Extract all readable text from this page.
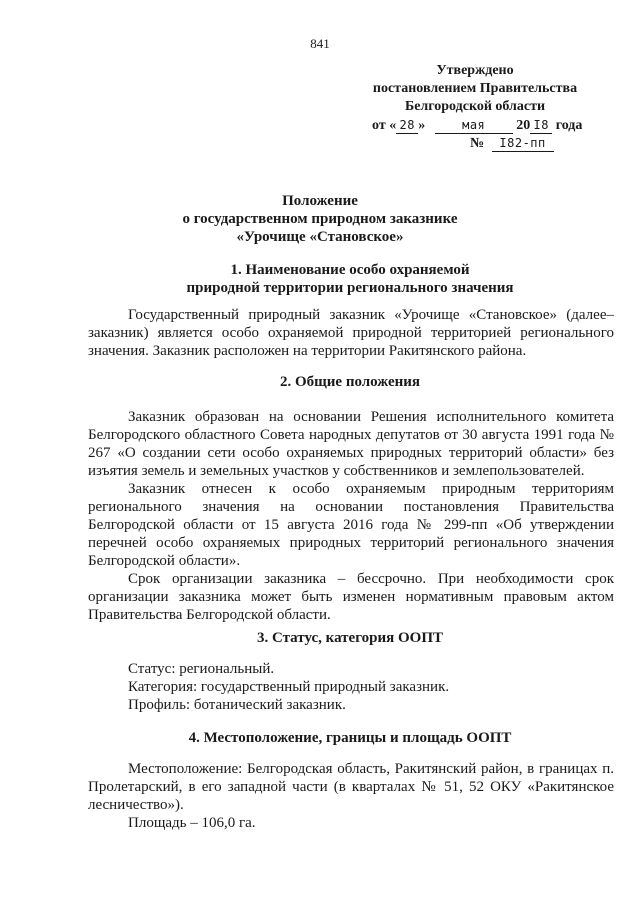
841
Утверждено
постановлением Правительства
Белгородской области
от « 28 »	мая 20 I8 года
№ I82-пп
Положение
о государственном природном заказнике
«Урочище «Становское»
1. Наименование особо охраняемой
природной территории регионального значения
Государственный природный заказник «Урочище «Становское» (далее– заказник) является особо охраняемой природной территорией регионального значения. Заказник расположен на территории Ракитянского района.
2. Общие положения
Заказник образован на основании Решения исполнительного комитета Белгородского областного Совета народных депутатов от 30 августа 1991 года № 267 «О создании сети особо охраняемых природных территорий области» без изъятия земель и земельных участков у собственников и землепользователей.
Заказник отнесен к особо охраняемым природным территориям регионального значения на основании постановления Правительства Белгородской области от 15 августа 2016 года № 299-пп «Об утверждении перечней особо охраняемых природных территорий регионального значения Белгородской области».
Срок организации заказника – бессрочно. При необходимости срок организации заказника может быть изменен нормативным правовым актом Правительства Белгородской области.
3. Статус, категория ООПТ
Статус: региональный.
Категория: государственный природный заказник.
Профиль: ботанический заказник.
4. Местоположение, границы и площадь ООПТ
Местоположение: Белгородская область, Ракитянский район, в границах п. Пролетарский, в его западной части (в кварталах № 51, 52 ОКУ «Ракитянское лесничество»).
Площадь – 106,0 га.
